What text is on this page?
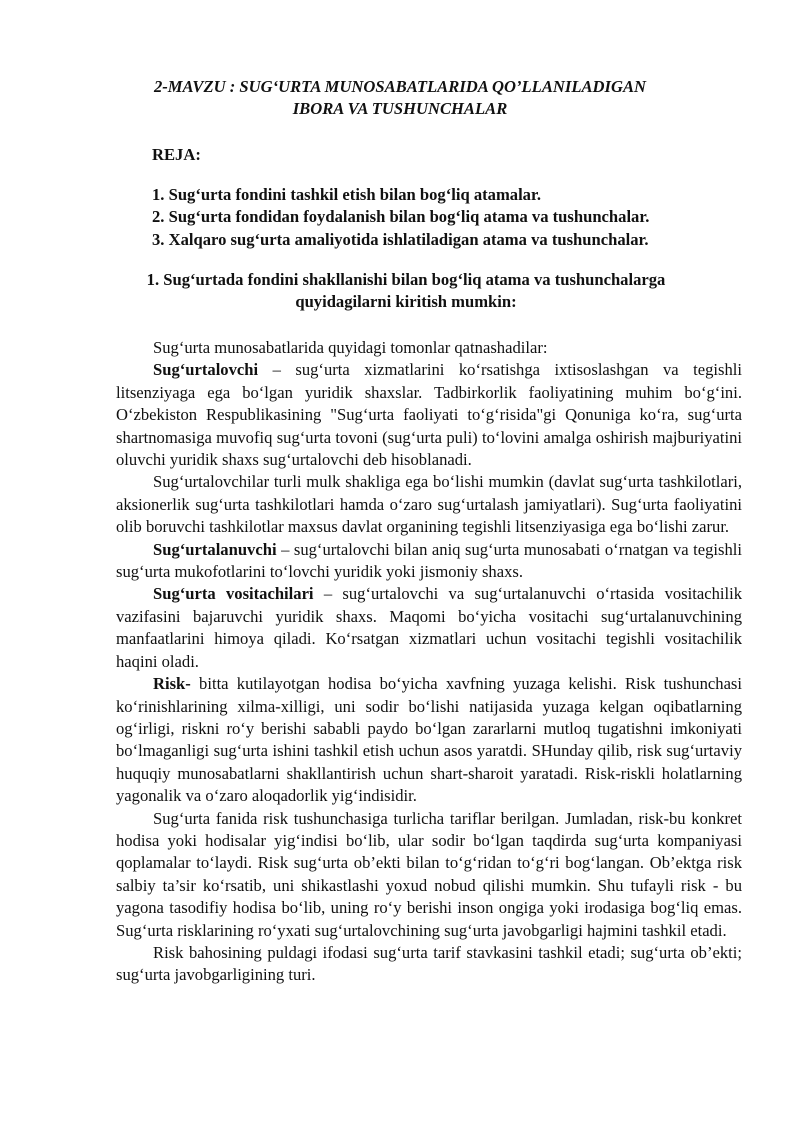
2-MAVZU : SUG‘URTA MUNOSABATLARIDA QO’LLANILADIGAN
IBORA VA TUSHUNCHALAR
REJA:
1. Sug‘urta fondini tashkil etish bilan bog‘liq atamalar.
2. Sug‘urta fondidan foydalanish bilan bog‘liq atama va tushunchalar.
3. Xalqaro sug‘urta amaliyotida ishlatiladigan atama va tushunchalar.
1. Sug‘urtada fondini shakllanishi bilan bog‘liq atama va tushunchalarga
quyidagilarni kiritish mumkin:

Sug‘urta munosabatlarida quyidagi tomonlar qatnashadilar:

Sug‘urtalovchi – sug‘urta xizmatlarini ko‘rsatishga ixtisoslashgan va tegishli litsenziyaga ega bo‘lgan yuridik shaxslar. Tadbirkorlik faoliyatining muhim bo‘g‘ini. O‘zbekiston Respublikasining "Sug‘urta faoliyati to‘g‘risida"gi Qonuniga ko‘ra, sug‘urta shartnomasiga muvofiq sug‘urta tovoni (sug‘urta puli) to‘lovini amalga oshirish majburiyatini oluvchi yuridik shaxs sug‘urtalovchi deb hisoblanadi.

Sug‘urtalovchilar turli mulk shakliga ega bo‘lishi mumkin (davlat sug‘urta tashkilotlari, aksionerlik sug‘urta tashkilotlari hamda o‘zaro sug‘urtalash jamiyatlari). Sug‘urta faoliyatini olib boruvchi tashkilotlar maxsus davlat organining tegishli litsenziyasiga ega bo‘lishi zarur.

Sug‘urtalanuvchi – sug‘urtalovchi bilan aniq sug‘urta munosabati o‘rnatgan va tegishli sug‘urta mukofotlarini to‘lovchi yuridik yoki jismoniy shaxs.

Sug‘urta vositachilari – sug‘urtalovchi va sug‘urtalanuvchi o‘rtasida vositachilik vazifasini bajaruvchi yuridik shaxs. Maqomi bo‘yicha vositachi sug‘urtalanuvchining manfaatlarini himoya qiladi. Ko‘rsatgan xizmatlari uchun vositachi tegishli vositachilik haqini oladi.

Risk- bitta kutilayotgan hodisa bo‘yicha xavfning yuzaga kelishi. Risk tushunchasi ko‘rinishlarining xilma-xilligi, uni sodir bo‘lishi natijasida yuzaga kelgan oqibatlarning og‘irligi, riskni ro‘y berishi sababli paydo bo‘lgan zararlarni mutloq tugatishni imkoniyati bo‘lmaganligi sug‘urta ishini tashkil etish uchun asos yaratdi. SHunday qilib, risk sug‘urtaviy huquqiy munosabatlarni shakllantirish uchun shart-sharoit yaratadi. Risk-riskli holatlarning yagonalik va o‘zaro aloqadorlik yig‘indisidir.

Sug‘urta fanida risk tushunchasiga turlicha tariflar berilgan. Jumladan, risk-bu konkret hodisa yoki hodisalar yig‘indisi bo‘lib, ular sodir bo‘lgan taqdirda sug‘urta kompaniyasi qoplamalar to‘laydi. Risk sug‘urta ob’ekti bilan to‘g‘ridan to‘g‘ri bog‘langan. Ob’ektga risk salbiy ta’sir ko‘rsatib, uni shikastlashi yoxud nobud qilishi mumkin. Shu tufayli risk - bu yagona tasodifiy hodisa bo‘lib, uning ro‘y berishi inson ongiga yoki irodasiga bog‘liq emas. Sug‘urta risklarining ro‘yxati sug‘urtalovchining sug‘urta javobgarligi hajmini tashkil etadi.

Risk bahosining puldagi ifodasi sug‘urta tarif stavkasini tashkil etadi; sug‘urta ob’ekti; sug‘urta javobgarligining turi.
